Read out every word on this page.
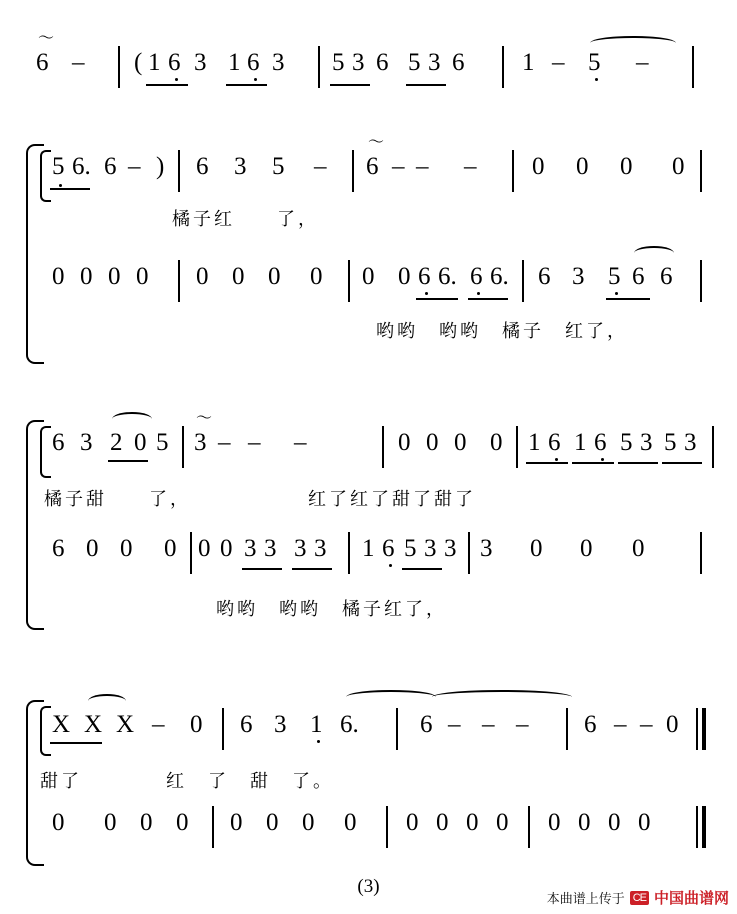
〜
6 – ( 1 6 3 1 6 3 5 3 6 5 3 6 1 – 5 –
5 6. 6 – ) 6 3 5 –
〜
6 – – – 0 0 0 0
橘子红　　了，
0 0 0 0 0 0 0 0 0 0 6 6. 6 6. 6 3 5 6 6
哟哟　哟哟　橘子　红了，
6 3 2 0 5
〜
3 – – –	0 0 0 0 1 6 1 6 5 3 5 3
橘子甜　　了，　　　　　　红了红了甜了甜了
6 0 0 0 0 0 3 3 3 3 1 6 5 3 3 3 0 0 0
哟哟　哟哟　橘子红了，
X X X – 0 6 3 1 6. 6 – – – 6 – – 0
甜了　　　　红　了　甜　了。
0 0 0 0 0 0 0 0 0 0 0 0 0 0 0 0
(3)
本曲谱上传于 CE 中国曲谱网
